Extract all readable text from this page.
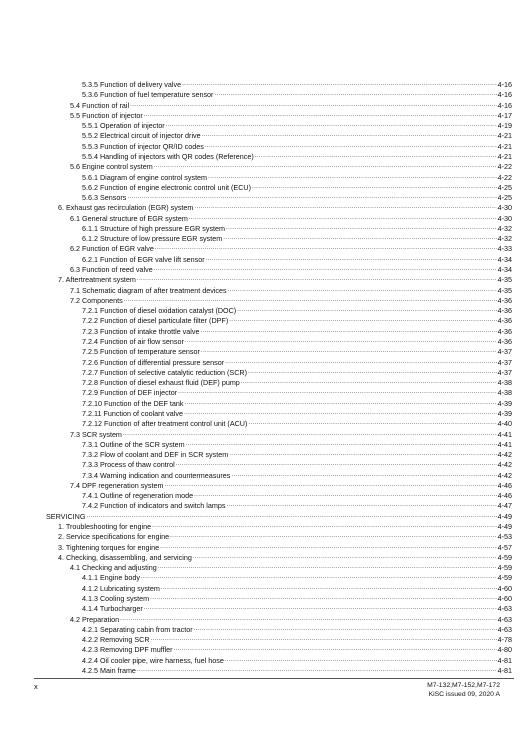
5.3.5 Function of delivery valve .....	4-16
5.3.6 Function of fuel temperature sensor .....	4-16
5.4 Function of rail .....	4-16
5.5 Function of injector .....	4-17
5.5.1 Operation of injector .....	4-19
5.5.2 Electrical circuit of injector drive .....	4-21
5.5.3 Function of injector QR/ID codes .....	4-21
5.5.4 Handling of injectors with QR codes (Reference) .....	4-21
5.6 Engine control system .....	4-22
5.6.1 Diagram of engine control system .....	4-22
5.6.2 Function of engine electronic control unit (ECU) .....	4-25
5.6.3 Sensors .....	4-25
6. Exhaust gas recirculation (EGR) system .....	4-30
6.1 General structure of EGR system .....	4-30
6.1.1 Structure of high pressure EGR system .....	4-32
6.1.2 Structure of low pressure EGR system .....	4-32
6.2 Function of EGR valve .....	4-33
6.2.1 Function of EGR valve lift sensor .....	4-34
6.3 Function of reed valve .....	4-34
7. Aftertreatment system .....	4-35
7.1 Schematic diagram of after treatment devices .....	4-35
7.2 Components .....	4-36
7.2.1 Function of diesel oxidation catalyst (DOC) .....	4-36
7.2.2 Function of diesel particulate filter (DPF) .....	4-36
7.2.3 Function of intake throttle valve .....	4-36
7.2.4 Function of air flow sensor .....	4-36
7.2.5 Function of temperature sensor .....	4-37
7.2.6 Function of differential pressure sensor .....	4-37
7.2.7 Function of selective catalytic reduction (SCR) .....	4-37
7.2.8 Function of diesel exhaust fluid (DEF) pump .....	4-38
7.2.9 Function of DEF injector .....	4-38
7.2.10 Function of the DEF tank .....	4-39
7.2.11 Function of coolant valve .....	4-39
7.2.12 Function of after treatment control unit (ACU) .....	4-40
7.3 SCR system .....	4-41
7.3.1 Outline of the SCR system .....	4-41
7.3.2 Flow of coolant and DEF in SCR system .....	4-42
7.3.3 Process of thaw control .....	4-42
7.3.4 Warning indication and countermeasures .....	4-42
7.4 DPF regeneration system .....	4-46
7.4.1 Outline of regeneration mode .....	4-46
7.4.2 Function of indicators and switch lamps .....	4-47
SERVICING .....	4-49
1. Troubleshooting for engine .....	4-49
2. Service specifications for engine .....	4-53
3. Tightening torques for engine .....	4-57
4. Checking, disassembling, and servicing .....	4-59
4.1 Checking and adjusting .....	4-59
4.1.1 Engine body .....	4-59
4.1.2 Lubricating system .....	4-60
4.1.3 Cooling system .....	4-60
4.1.4 Turbocharger .....	4-63
4.2 Preparation .....	4-63
4.2.1 Separating cabin from tractor .....	4-63
4.2.2 Removing SCR .....	4-78
4.2.3 Removing DPF muffler .....	4-80
4.2.4 Oil cooler pipe, wire harness, fuel hose .....	4-81
4.2.5 Main frame .....	4-81
x	M7-132,M7-152,M7-172
KiSC issued 09, 2020 A
